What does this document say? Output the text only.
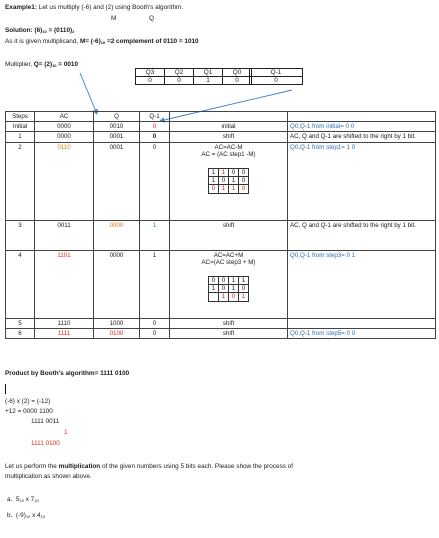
Example1: Let us multiply (-6) and (2) using Booth's algorithm.
M	Q
Solution: $(6)_{10} = (0110)_2$
As it is given multiplicand, $M= (-6)_{10} =2$ complement of 0110 = 1010
Multiplier, $Q= (2)_{10} = 0010$
Q3	Q2	Q1	Q0
0	0	1	0
Q-1
0
Steps	AC	Q	Q-1		
Initial	0000	0010	0	initial	Q0,Q-1 from initial= 0 0
1	0000	0001	0	shift	AC, Q and Q-1 are shifted to the right by 1 bit.
2	0110	0001	0	AC=AC-M
AC = (AC step1 -M)
1	1	0	0
1	0	1	0
0	1	1	0
	Q0,Q-1 from step1= 1 0
3	0011	0000	1	shift	AC, Q and Q-1 are shifted to the right by 1 bit.
4	1101	0000	1	AC=AC+M
AC=(AC step3 + M)
0	0	1	1
1	0	1	0
	1	0	1
	Q0,Q-1 from step3= 0 1
5	1110	1000	0	shift	
6	1111	0100	0	shift	Q0,Q-1 from step5= 0 0
Product by Booth's algorithm= 1111 0100
(-6) x (2) = (-12)
+12 = 0000 1100
1111 0011
1
1111 0100
Let us perform the multiplication of the given numbers using 5 bits each. Please show the process of
multiplication as shown above.
a. $5_{10}$ x $7_{10}$
b. $(-9)_{10}$ x $4_{10}$
